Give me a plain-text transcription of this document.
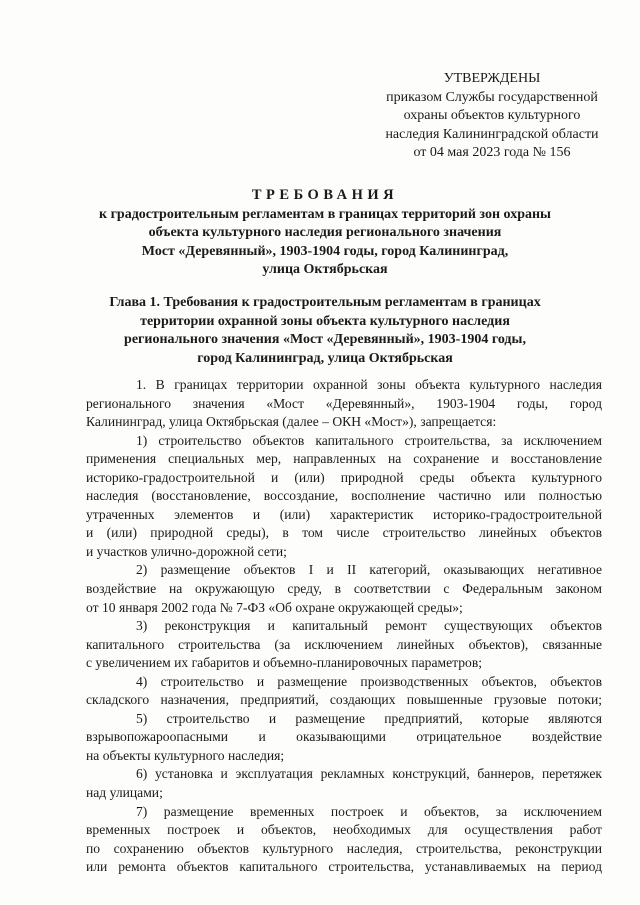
УТВЕРЖДЕНЫ
приказом Службы государственной
охраны объектов культурного
наследия Калининградской области
от 04 мая 2023 года № 156
ТРЕБОВАНИЯ
к градостроительным регламентам в границах территорий зон охраны
объекта культурного наследия регионального значения
Мост «Деревянный», 1903-1904 годы, город Калининград,
улица Октябрьская
Глава 1. Требования к градостроительным регламентам в границах
территории охранной зоны объекта культурного наследия
регионального значения «Мост «Деревянный», 1903-1904 годы,
город Калининград, улица Октябрьская
1. В границах территории охранной зоны объекта культурного наследия
регионального значения «Мост «Деревянный», 1903-1904 годы, город
Калининград, улица Октябрьская (далее – ОКН «Мост»), запрещается:
1) строительство объектов капитального строительства, за исключением
применения специальных мер, направленных на сохранение и восстановление
историко-градостроительной и (или) природной среды объекта культурного
наследия (восстановление, воссоздание, восполнение частично или полностью
утраченных элементов и (или) характеристик историко-градостроительной
и (или) природной среды), в том числе строительство линейных объектов
и участков улично-дорожной сети;
2) размещение объектов I и II категорий, оказывающих негативное
воздействие на окружающую среду, в соответствии с Федеральным законом
от 10 января 2002 года № 7-ФЗ «Об охране окружающей среды»;
3) реконструкция и капитальный ремонт существующих объектов
капитального строительства (за исключением линейных объектов), связанные
с увеличением их габаритов и объемно-планировочных параметров;
4) строительство и размещение производственных объектов, объектов
складского назначения, предприятий, создающих повышенные грузовые потоки;
5) строительство и размещение предприятий, которые являются
взрывопожароопасными и оказывающими отрицательное воздействие
на объекты культурного наследия;
6) установка и эксплуатация рекламных конструкций, баннеров, перетяжек
над улицами;
7) размещение временных построек и объектов, за исключением
временных построек и объектов, необходимых для осуществления работ
по сохранению объектов культурного наследия, строительства, реконструкции
или ремонта объектов капитального строительства, устанавливаемых на период
